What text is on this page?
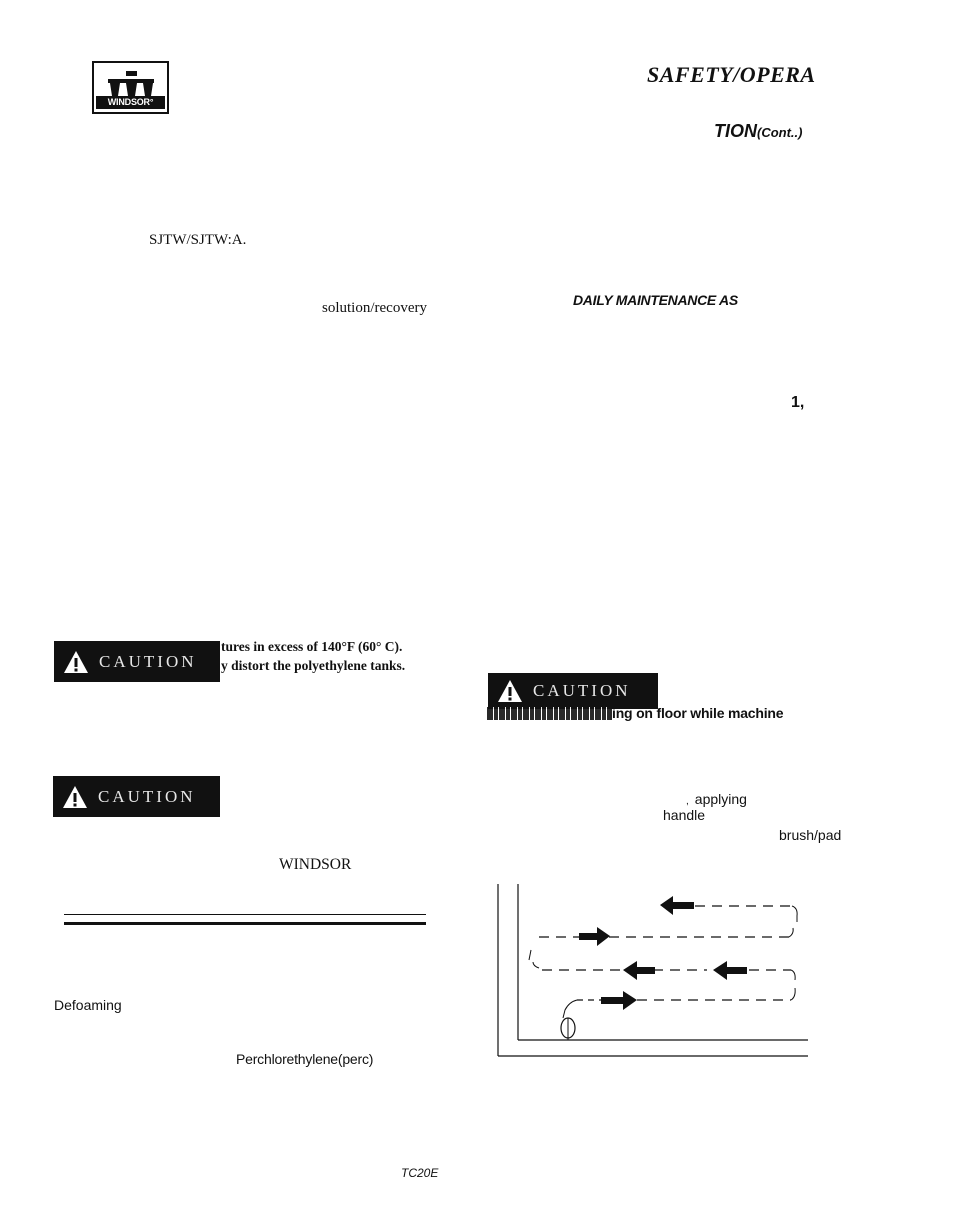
WINDSOR°
SAFETY/OPERA
TION(Cont..)
SJTW/SJTW:A.
solution/recovery
CAUTION
tures in excess of 140°F (60° C).
y distort the polyethylene tanks.
CAUTION
WINDSOR
Defoaming
Perchlorethylene(perc)
DAILY MAINTENANCE AS
1,
CAUTION
ing on floor while machine
, applying
handle
brush/pad
TC20E
